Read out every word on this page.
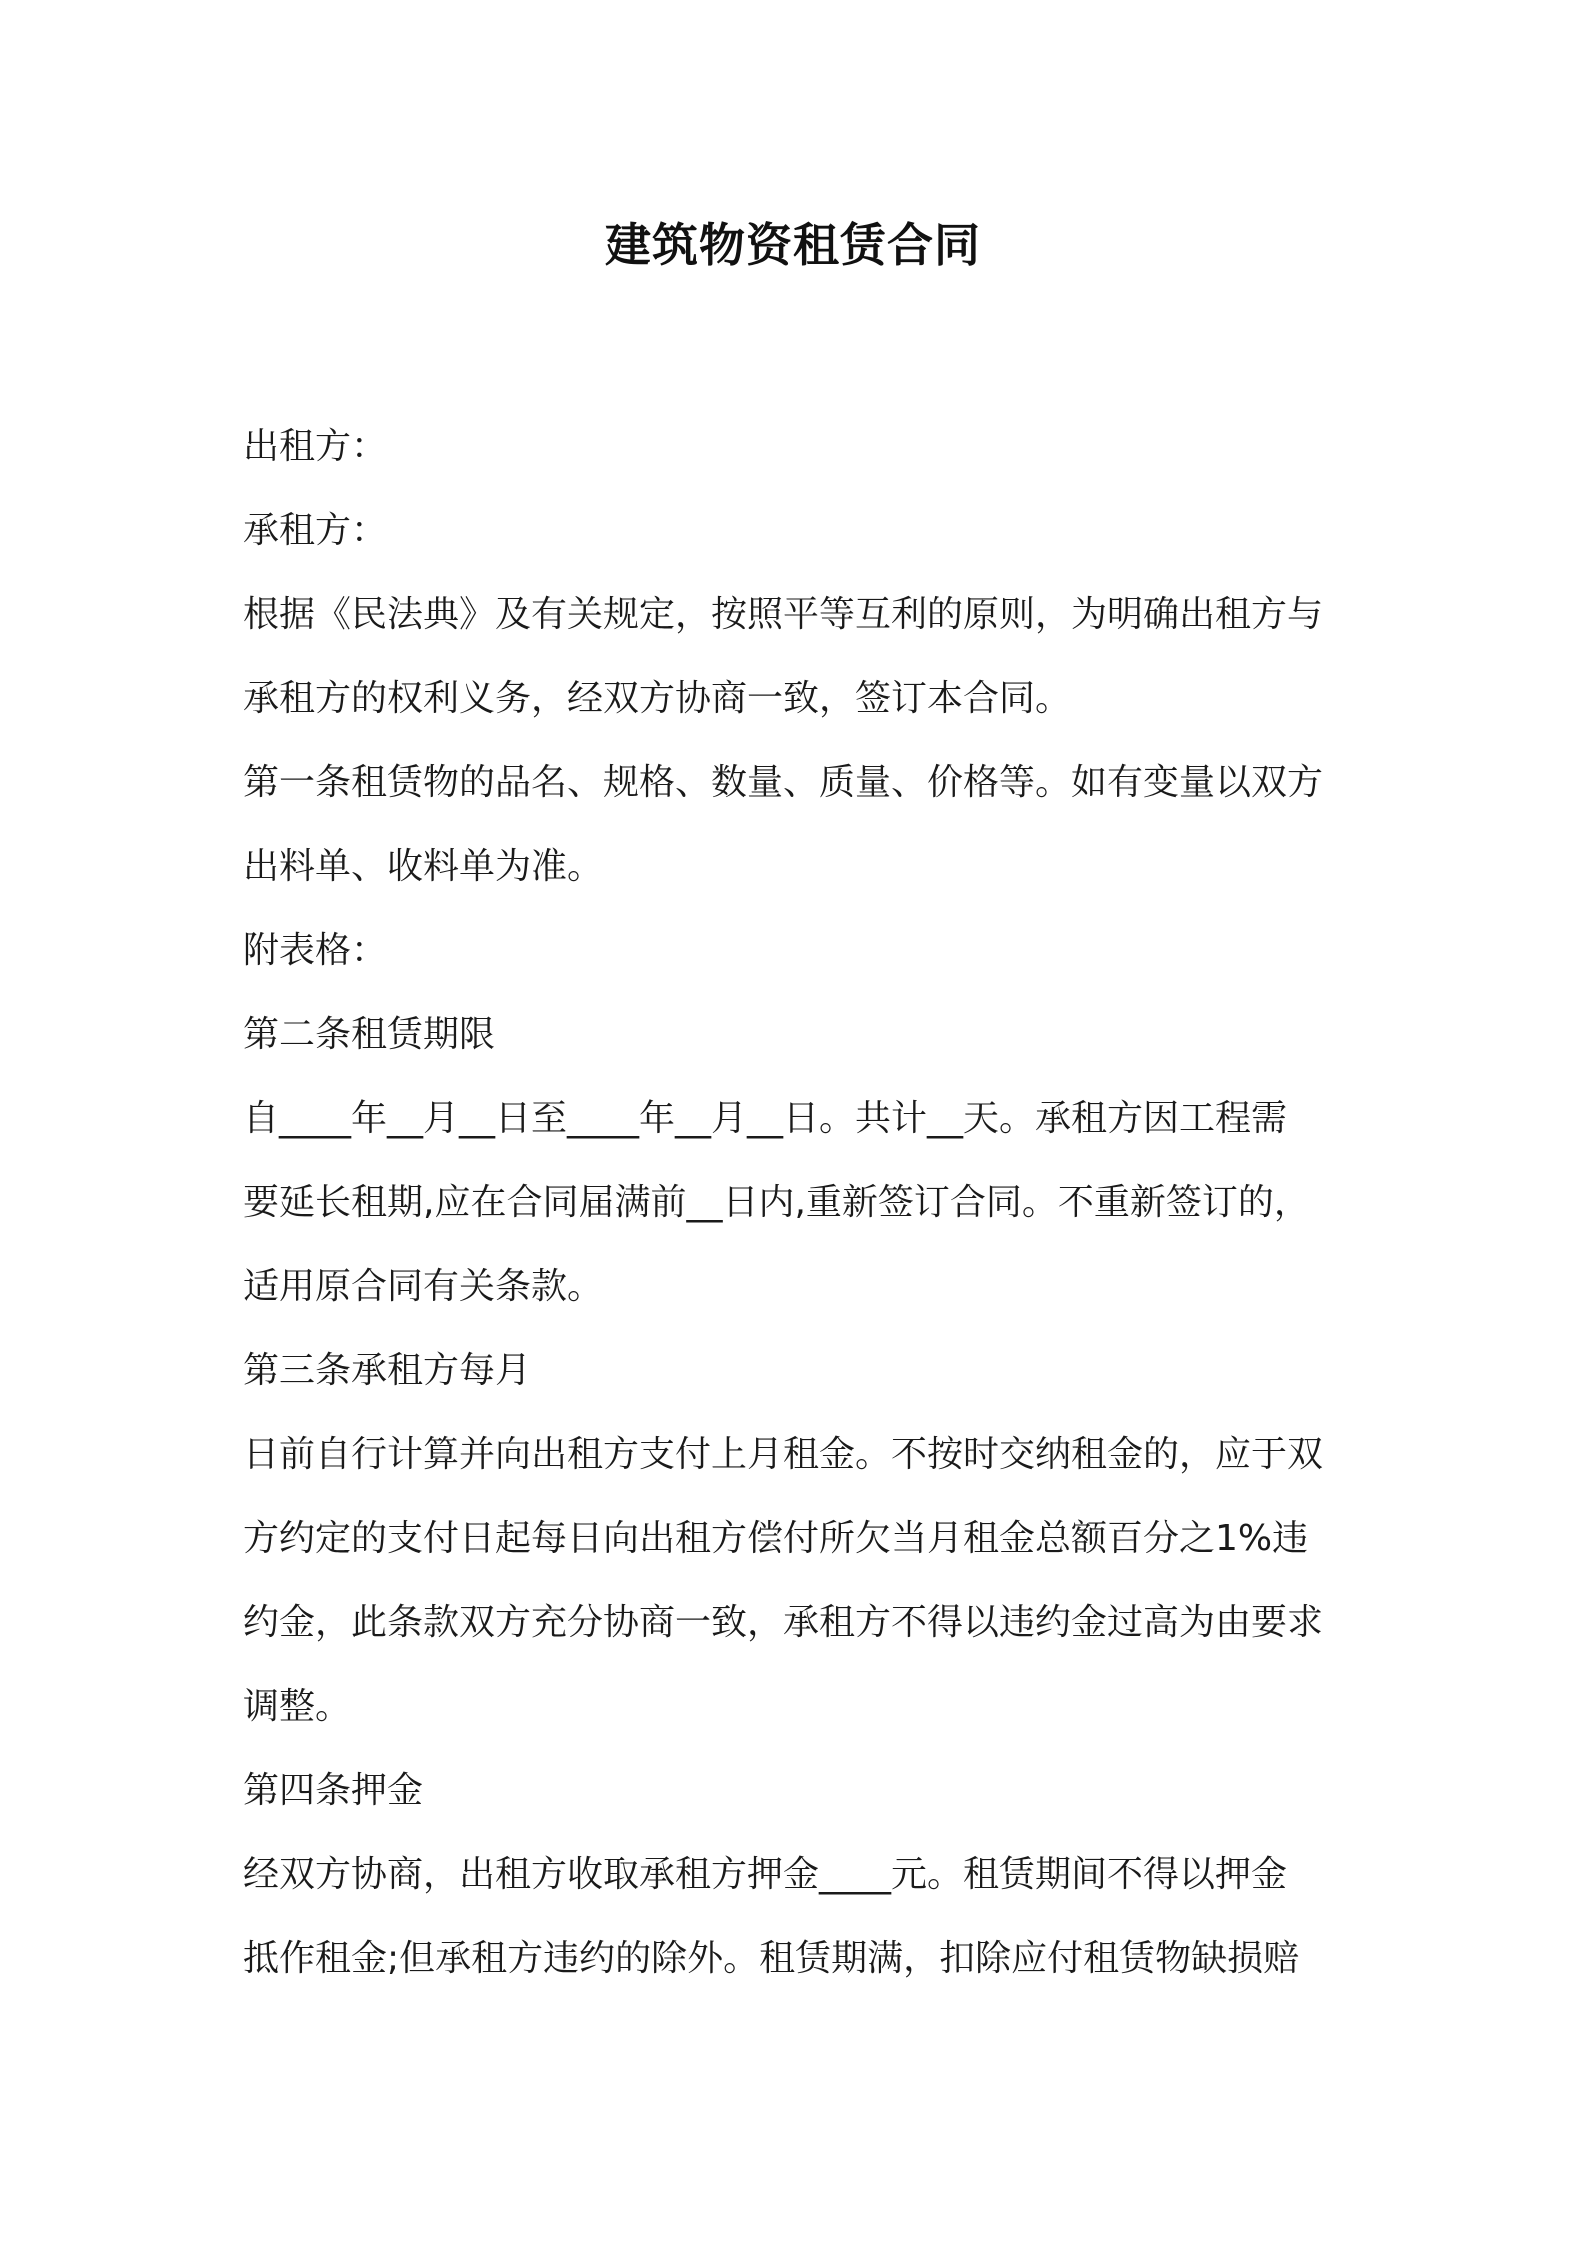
建筑物资租赁合同
出租方：
承租方：
根据《民法典》及有关规定，按照平等互利的原则，为明确出租方与
承租方的权利义务，经双方协商一致，签订本合同。
第一条租赁物的品名、规格、数量、质量、价格等。如有变量以双方
出料单、收料单为准。
附表格：
第二条租赁期限
自____年__月__日至____年__月__日。共计__天。承租方因工程需
要延长租期,应在合同届满前__日内,重新签订合同。不重新签订的，
适用原合同有关条款。
第三条承租方每月
日前自行计算并向出租方支付上月租金。不按时交纳租金的，应于双
方约定的支付日起每日向出租方偿付所欠当月租金总额百分之1%违
约金，此条款双方充分协商一致，承租方不得以违约金过高为由要求
调整。
第四条押金
经双方协商，出租方收取承租方押金____元。租赁期间不得以押金
抵作租金;但承租方违约的除外。租赁期满，扣除应付租赁物缺损赔
